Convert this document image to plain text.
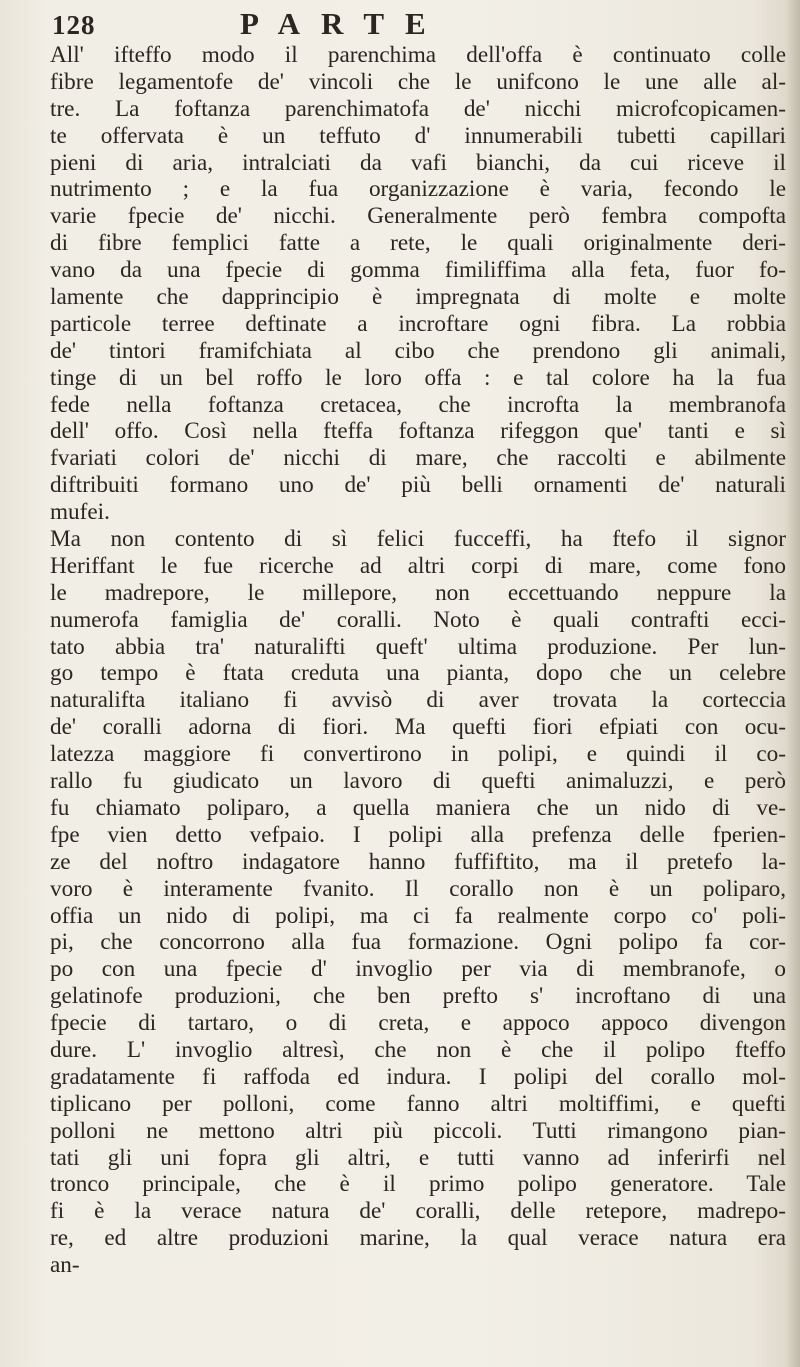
128	PARTE
All' ifteffo modo il parenchima dell'offa è continuato colle
fibre legamentofe de' vincoli che le unifcono le une alle al-
tre. La foftanza parenchimatofa de' nicchi microfcopicamen-
te offervata è un teffuto d' innumerabili tubetti capillari
pieni di aria, intralciati da vafi bianchi, da cui riceve il
nutrimento ; e la fua organizzazione è varia, fecondo le
varie fpecie de' nicchi. Generalmente però fembra compofta
di fibre femplici fatte a rete, le quali originalmente deri-
vano da una fpecie di gomma fimiliffima alla feta, fuor fo-
lamente che dapprincipio è impregnata di molte e molte
particole terree deftinate a incroftare ogni fibra. La robbia
de' tintori framifchiata al cibo che prendono gli animali,
tinge di un bel roffo le loro offa : e tal colore ha la fua
fede nella foftanza cretacea, che incrofta la membranofa
dell' offo. Così nella fteffa foftanza rifeggon que' tanti e sì
fvariati colori de' nicchi di mare, che raccolti e abilmente
diftribuiti formano uno de' più belli ornamenti de' naturali
mufei.
Ma non contento di sì felici fucceffi, ha ftefo il signor
Heriffant le fue ricerche ad altri corpi di mare, come fono
le madrepore, le millepore, non eccettuando neppure la
numerofa famiglia de' coralli. Noto è quali contrafti ecci-
tato abbia tra' naturalifti queft' ultima produzione. Per lun-
go tempo è ftata creduta una pianta, dopo che un celebre
naturalifta italiano fi avvisò di aver trovata la corteccia
de' coralli adorna di fiori. Ma quefti fiori efpiati con ocu-
latezza maggiore fi convertirono in polipi, e quindi il co-
rallo fu giudicato un lavoro di quefti animaluzzi, e però
fu chiamato poliparo, a quella maniera che un nido di ve-
fpe vien detto vefpaio. I polipi alla prefenza delle fperien-
ze del noftro indagatore hanno fuffiftito, ma il pretefo la-
voro è interamente fvanito. Il corallo non è un poliparo,
offia un nido di polipi, ma ci fa realmente corpo co' poli-
pi, che concorrono alla fua formazione. Ogni polipo fa cor-
po con una fpecie d' invoglio per via di membranofe, o
gelatinofe produzioni, che ben prefto s' incroftano di una
fpecie di tartaro, o di creta, e appoco appoco divengon
dure. L' invoglio altresì, che non è che il polipo fteffo
gradatamente fi raffoda ed indura. I polipi del corallo mol-
tiplicano per polloni, come fanno altri moltiffimi, e quefti
polloni ne mettono altri più piccoli. Tutti rimangono pian-
tati gli uni fopra gli altri, e tutti vanno ad inferirfi nel
tronco principale, che è il primo polipo generatore. Tale
fi è la verace natura de' coralli, delle retepore, madrepo-
re, ed altre produzioni marine, la qual verace natura era
an-
